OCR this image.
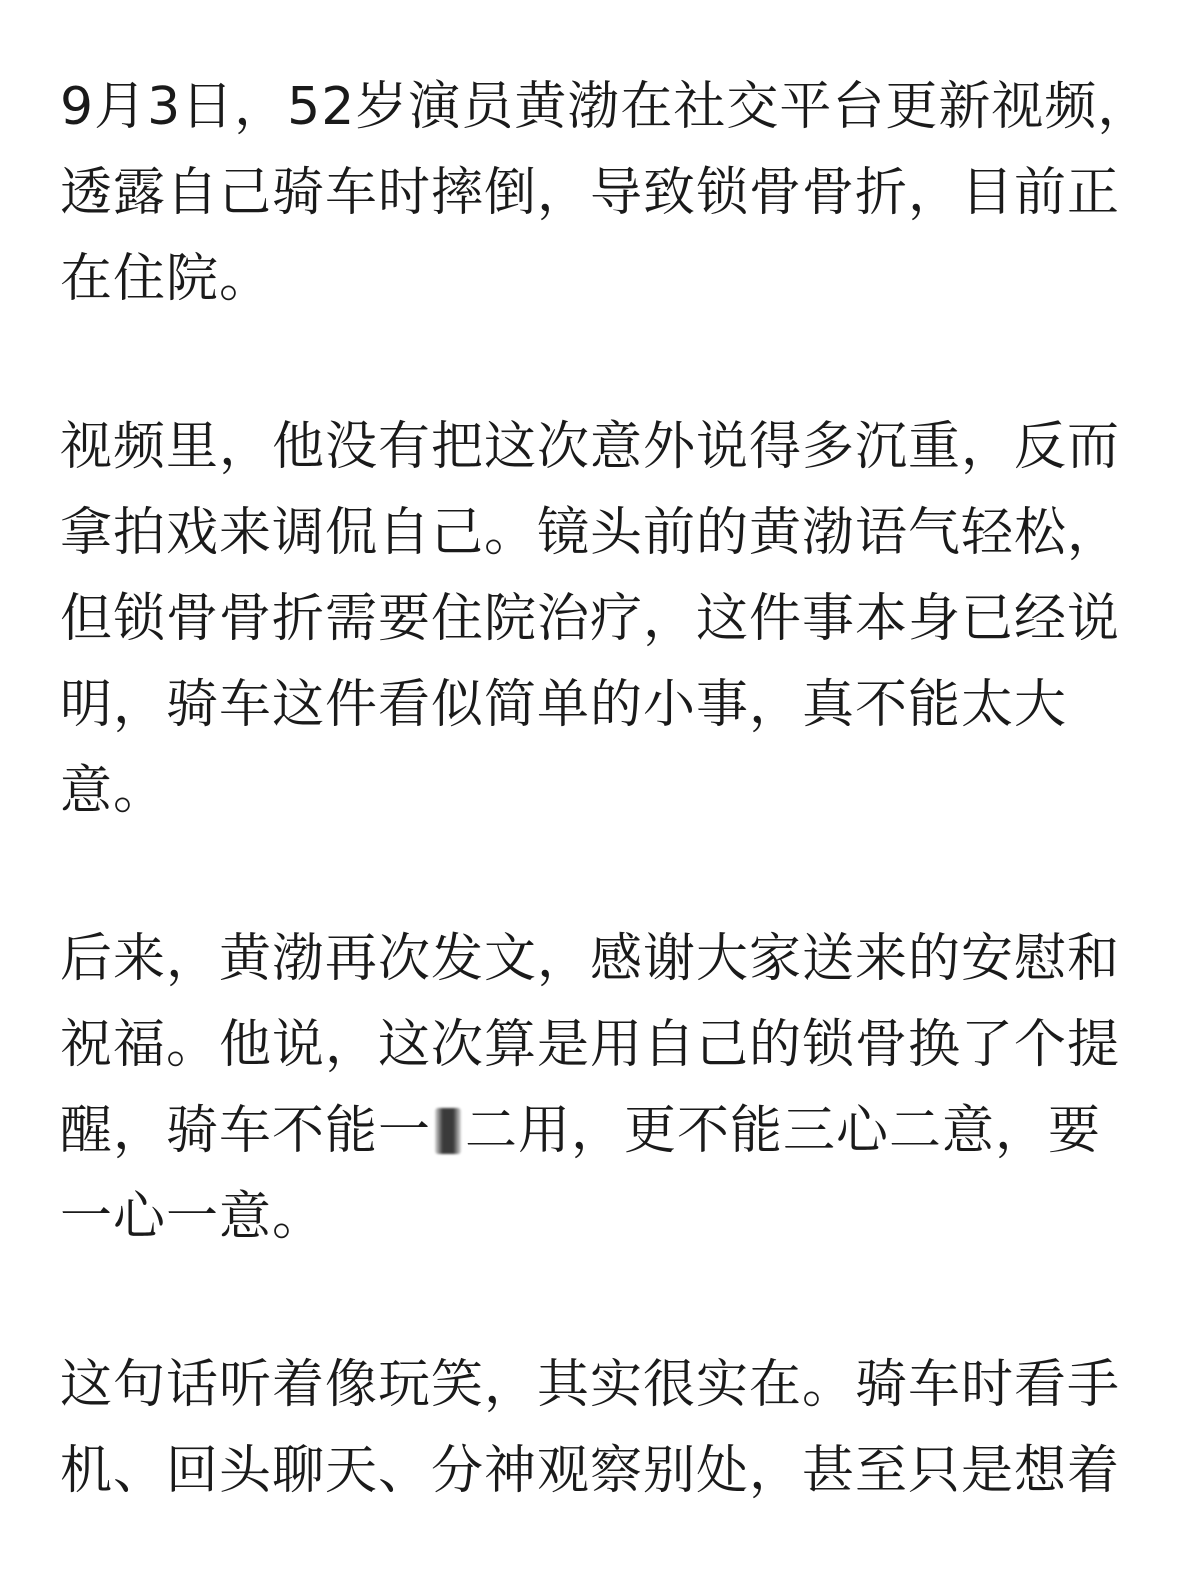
9月3日，52岁演员黄渤在社交平台更新视频，
透露自己骑车时摔倒，导致锁骨骨折，目前正
在住院。
视频里，他没有把这次意外说得多沉重，反而
拿拍戏来调侃自己。镜头前的黄渤语气轻松，
但锁骨骨折需要住院治疗，这件事本身已经说
明，骑车这件看似简单的小事，真不能太大
意。
后来，黄渤再次发文，感谢大家送来的安慰和
祝福。他说，这次算是用自己的锁骨换了个提
醒，骑车不能一 二用，更不能三心二意，要
一心一意。
这句话听着像玩笑，其实很实在。骑车时看手
机、回头聊天、分神观察别处，甚至只是想着
